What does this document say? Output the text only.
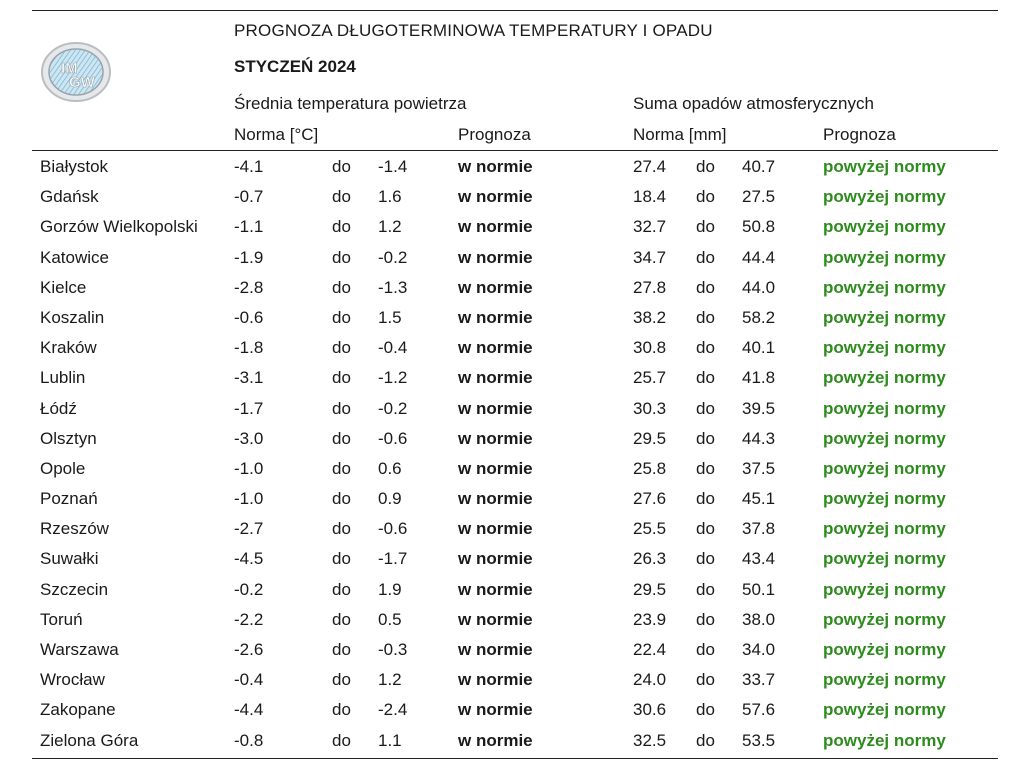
IM
GW
PROGNOZA DŁUGOTERMINOWA TEMPERATURY I OPADU
STYCZEŃ 2024
Średnia temperatura powietrza	Suma opadów atmosferycznych
Norma [°C]	Prognoza	Norma [mm]	Prognoza
Białystok	-4.1	do -1.4	w normie	27.4 do 40.7	powyżej normy
Gdańsk	-0.7	do 1.6	w normie	18.4 do 27.5	powyżej normy
Gorzów Wielkopolski -1.1	do 1.2	w normie	32.7 do 50.8	powyżej normy
Katowice	-1.9	do -0.2	w normie	34.7 do 44.4	powyżej normy
Kielce	-2.8	do -1.3	w normie	27.8 do 44.0	powyżej normy
Koszalin	-0.6	do 1.5	w normie	38.2 do 58.2	powyżej normy
Kraków	-1.8	do -0.4	w normie	30.8 do 40.1	powyżej normy
Lublin	-3.1	do -1.2	w normie	25.7 do 41.8	powyżej normy
Łódź	-1.7	do -0.2	w normie	30.3 do 39.5	powyżej normy
Olsztyn	-3.0	do -0.6	w normie	29.5 do 44.3	powyżej normy
Opole	-1.0	do 0.6	w normie	25.8 do 37.5	powyżej normy
Poznań	-1.0	do 0.9	w normie	27.6 do 45.1	powyżej normy
Rzeszów	-2.7	do -0.6	w normie	25.5 do 37.8	powyżej normy
Suwałki	-4.5	do -1.7	w normie	26.3 do 43.4	powyżej normy
Szczecin	-0.2	do 1.9	w normie	29.5 do 50.1	powyżej normy
Toruń	-2.2	do 0.5	w normie	23.9 do 38.0	powyżej normy
Warszawa	-2.6	do -0.3	w normie	22.4 do 34.0	powyżej normy
Wrocław	-0.4	do 1.2	w normie	24.0 do 33.7	powyżej normy
Zakopane	-4.4	do -2.4	w normie	30.6 do 57.6	powyżej normy
Zielona Góra	-0.8	do 1.1	w normie	32.5 do 53.5	powyżej normy
